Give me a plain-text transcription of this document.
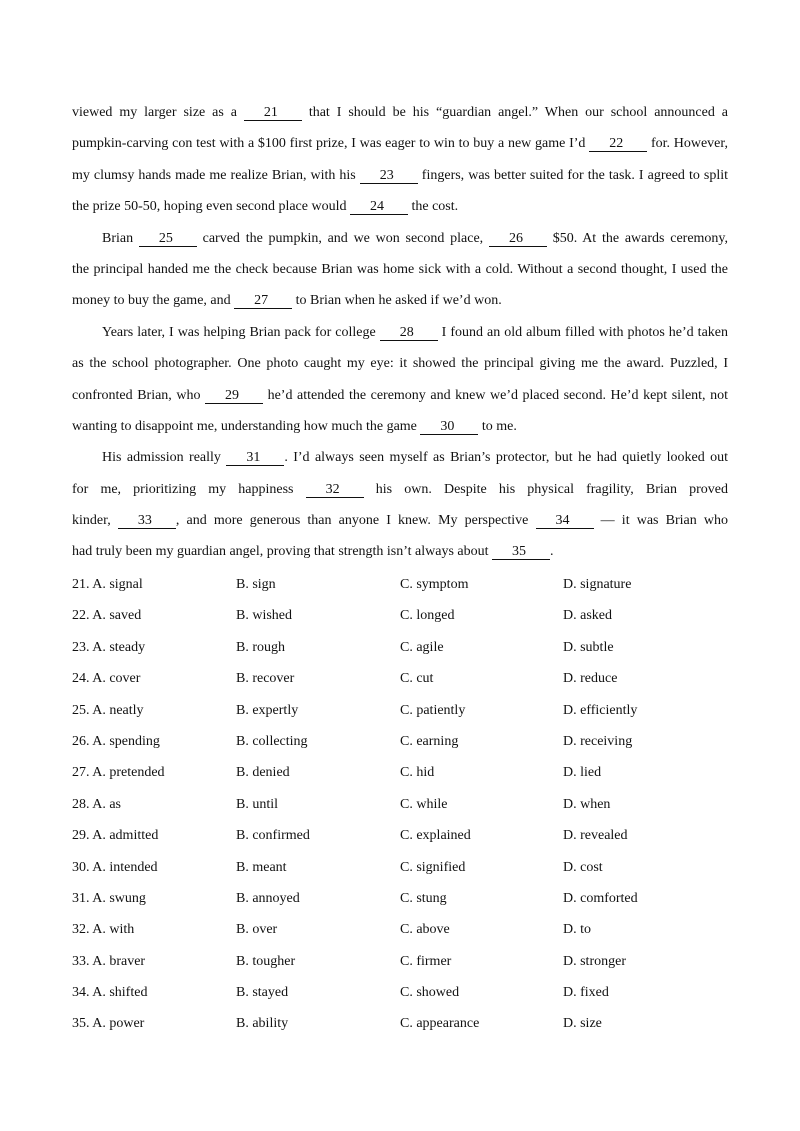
viewed my larger size as a 21 that I should be his “guardian angel.” When our school announced a
pumpkin-carving con test with a $100 first prize, I was eager to win to buy a new game I’d 22 for. However,
my clumsy hands made me realize Brian, with his 23 fingers, was better suited for the task. I agreed to split
the prize 50-50, hoping even second place would 24 the cost.
Brian 25 carved the pumpkin, and we won second place, 26 $50. At the awards ceremony,
the principal handed me the check because Brian was home sick with a cold. Without a second thought, I used the
money to buy the game, and 27 to Brian when he asked if we’d won.
Years later, I was helping Brian pack for college 28 I found an old album filled with photos he’d taken
as the school photographer. One photo caught my eye: it showed the principal giving me the award. Puzzled, I
confronted Brian, who 29 he’d attended the ceremony and knew we’d placed second. He’d kept silent, not
wanting to disappoint me, understanding how much the game 30 to me.
His admission really 31 . I’d always seen myself as Brian’s protector, but he had quietly looked out
for me, prioritizing my happiness 32 his own. Despite his physical fragility, Brian proved
kinder, 33 , and more generous than anyone I knew. My perspective 34 — it was Brian who
had truly been my guardian angel, proving that strength isn’t always about 35 .
21. A. signal	B. sign	C. symptom	D. signature
22. A. saved	B. wished	C. longed	D. asked
23. A. steady	B. rough	C. agile	D. subtle
24. A. cover	B. recover	C. cut	D. reduce
25. A. neatly	B. expertly	C. patiently	D. efficiently
26. A. spending	B. collecting	C. earning	D. receiving
27. A. pretended	B. denied	C. hid	D. lied
28. A. as	B. until	C. while	D. when
29. A. admitted	B. confirmed	C. explained	D. revealed
30. A. intended	B. meant	C. signified	D. cost
31. A. swung	B. annoyed	C. stung	D. comforted
32. A. with	B. over	C. above	D. to
33. A. braver	B. tougher	C. firmer	D. stronger
34. A. shifted	B. stayed	C. showed	D. fixed
35. A. power	B. ability	C. appearance	D. size
